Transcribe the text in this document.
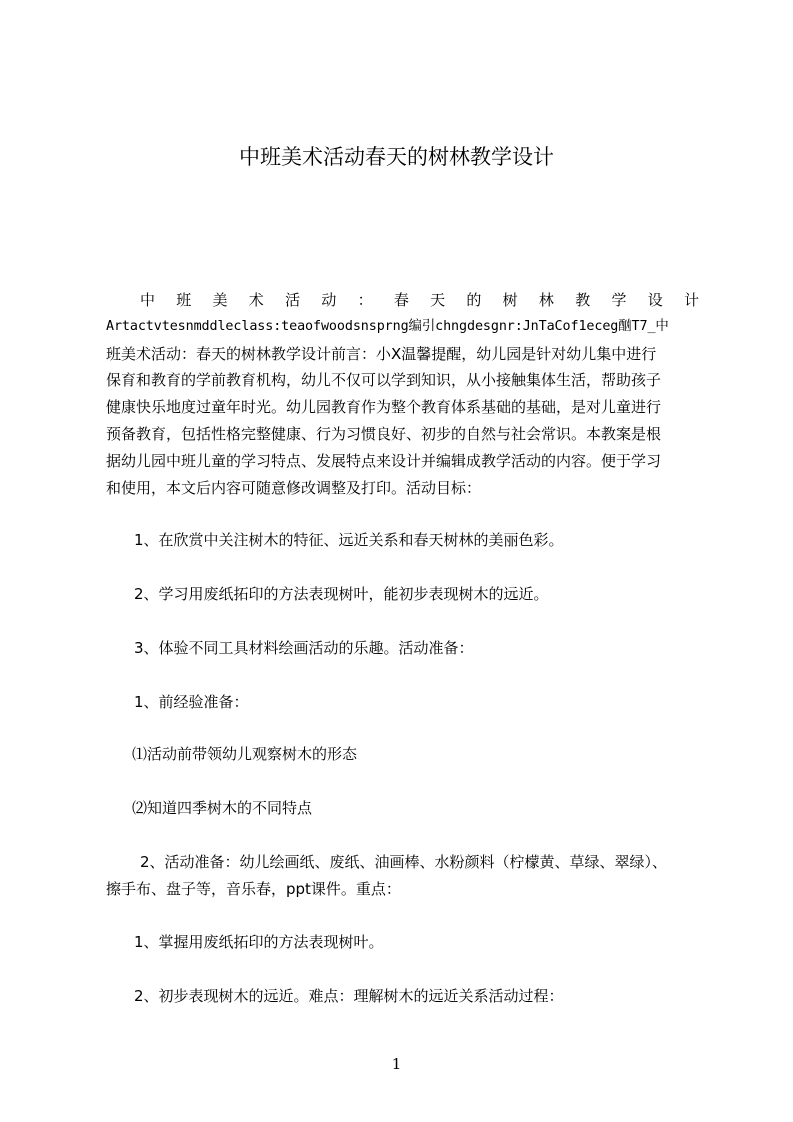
中班美术活动春天的树林教学设计
中 班 美 术 活 动 ： 春 天 的 树 林 教 学 设 计
Artactvtesnmddleclass:teaofwoodsnsprng编引chngdesgnr:JnTaCof1eceg酗T7_中
班美术活动：春天的树林教学设计前言：小X温馨提醒，幼儿园是针对幼儿集中进行
保育和教育的学前教育机构，幼儿不仅可以学到知识，从小接触集体生活，帮助孩子
健康快乐地度过童年时光。幼儿园教育作为整个教育体系基础的基础，是对儿童进行
预备教育，包括性格完整健康、行为习惯良好、初步的自然与社会常识。本教案是根
据幼儿园中班儿童的学习特点、发展特点来设计并编辑成教学活动的内容。便于学习
和使用，本文后内容可随意修改调整及打印。活动目标：

1、在欣赏中关注树木的特征、远近关系和春天树林的美丽色彩。

2、学习用废纸拓印的方法表现树叶，能初步表现树木的远近。

3、体验不同工具材料绘画活动的乐趣。活动准备：

1、前经验准备：

⑴活动前带领幼儿观察树木的形态

⑵知道四季树木的不同特点

2、活动准备：幼儿绘画纸、废纸、油画棒、水粉颜料（柠檬黄、草绿、翠绿）、
擦手布、盘子等，音乐春，ppt课件。重点：

1、掌握用废纸拓印的方法表现树叶。

2、初步表现树木的远近。难点：理解树木的远近关系活动过程：

1
